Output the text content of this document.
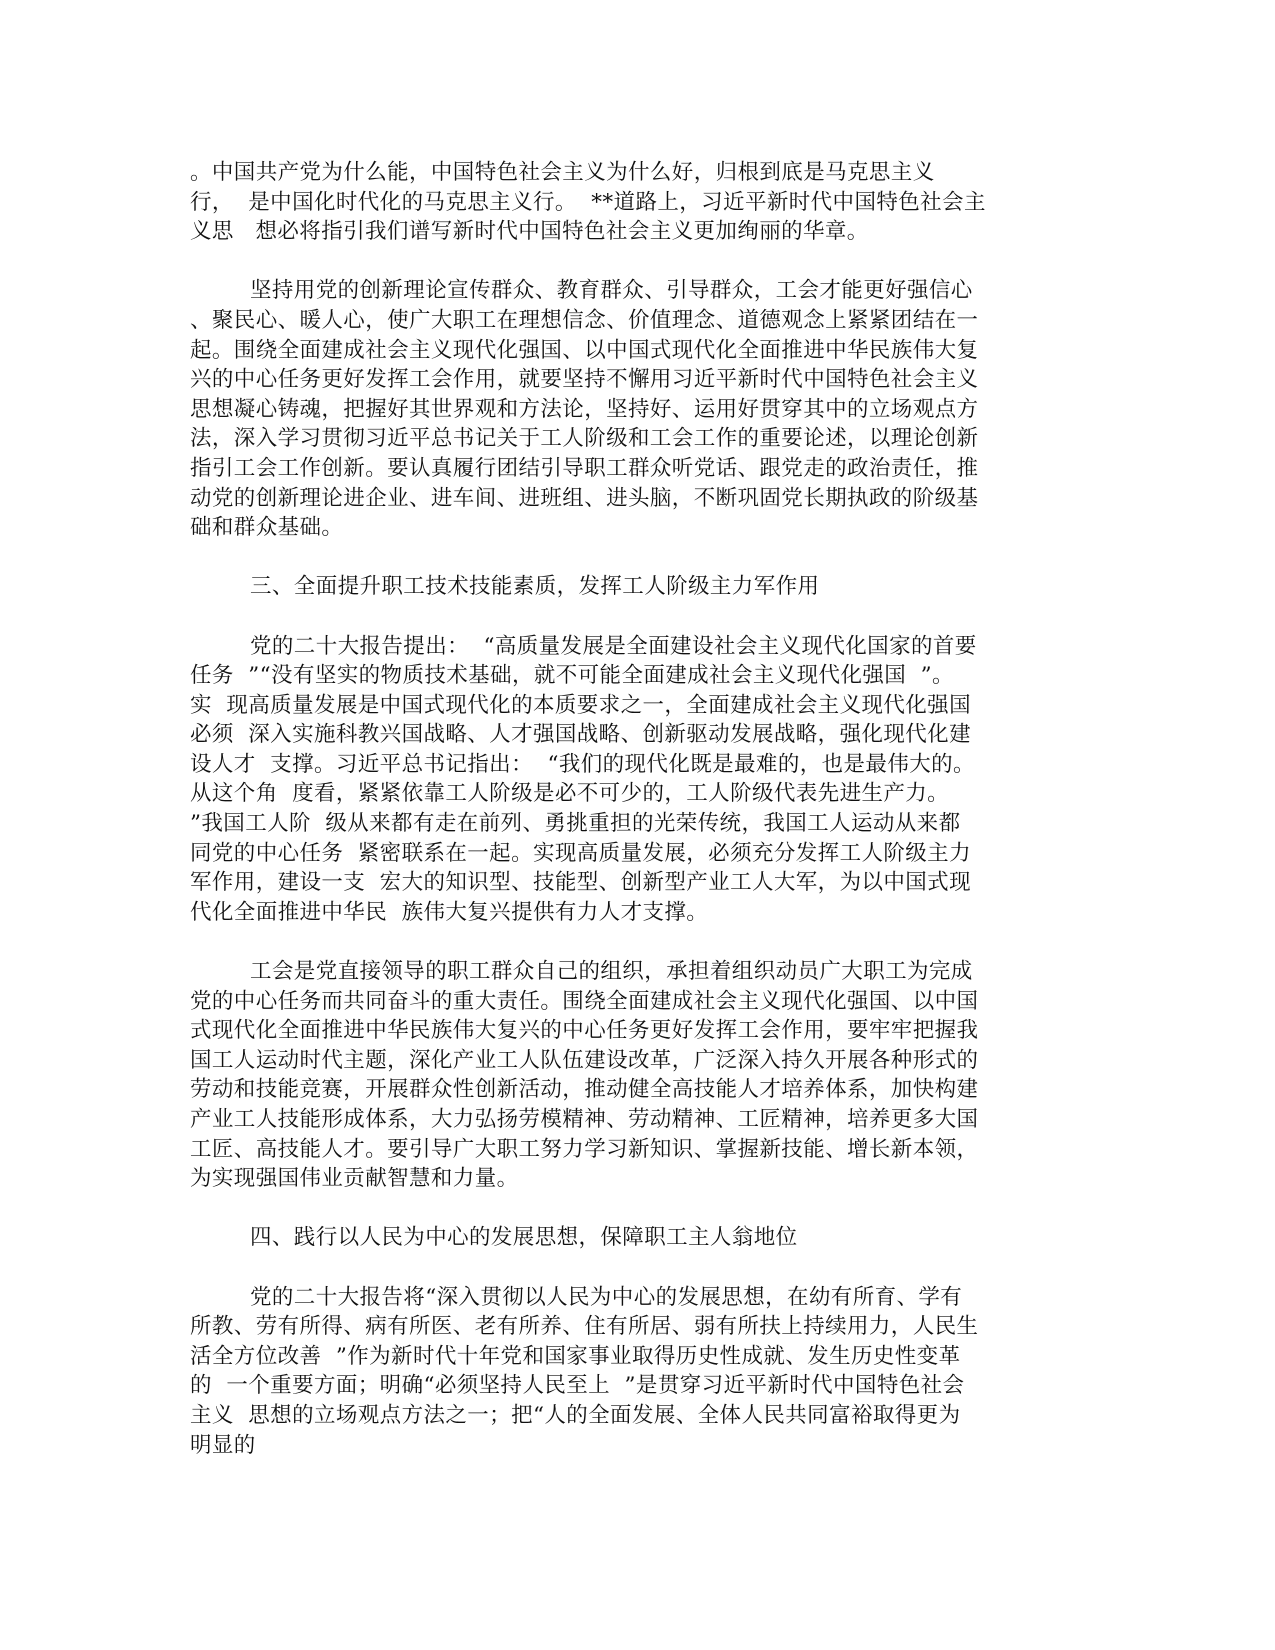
。中国共产党为什么能，中国特色社会主义为什么好，归根到底是马克思主义
行，  是中国化时代化的马克思主义行。  **道路上，习近平新时代中国特色社会主
义思   想必将指引我们谱写新时代中国特色社会主义更加绚丽的华章。
坚持用党的创新理论宣传群众、教育群众、引导群众，工会才能更好强信心
、聚民心、暖人心，使广大职工在理想信念、价值理念、道德观念上紧紧团结在一
起。围绕全面建成社会主义现代化强国、以中国式现代化全面推进中华民族伟大复
兴的中心任务更好发挥工会作用，就要坚持不懈用习近平新时代中国特色社会主义
思想凝心铸魂，把握好其世界观和方法论，坚持好、运用好贯穿其中的立场观点方
法，深入学习贯彻习近平总书记关于工人阶级和工会工作的重要论述，以理论创新
指引工会工作创新。要认真履行团结引导职工群众听党话、跟党走的政治责任，推
动党的创新理论进企业、进车间、进班组、进头脑，不断巩固党长期执政的阶级基
础和群众基础。
三、全面提升职工技术技能素质，发挥工人阶级主力军作用
党的二十大报告提出：  “高质量发展是全面建设社会主义现代化国家的首要
任务  ”“没有坚实的物质技术基础，就不可能全面建成社会主义现代化强国  ”。
实  现高质量发展是中国式现代化的本质要求之一，全面建成社会主义现代化强国
必须  深入实施科教兴国战略、人才强国战略、创新驱动发展战略，强化现代化建
设人才  支撑。习近平总书记指出：  “我们的现代化既是最难的，也是最伟大的。
从这个角  度看，紧紧依靠工人阶级是必不可少的，工人阶级代表先进生产力。
”我国工人阶  级从来都有走在前列、勇挑重担的光荣传统，我国工人运动从来都
同党的中心任务  紧密联系在一起。实现高质量发展，必须充分发挥工人阶级主力
军作用，建设一支  宏大的知识型、技能型、创新型产业工人大军，为以中国式现
代化全面推进中华民  族伟大复兴提供有力人才支撑。
工会是党直接领导的职工群众自己的组织，承担着组织动员广大职工为完成
党的中心任务而共同奋斗的重大责任。围绕全面建成社会主义现代化强国、以中国
式现代化全面推进中华民族伟大复兴的中心任务更好发挥工会作用，要牢牢把握我
国工人运动时代主题，深化产业工人队伍建设改革，广泛深入持久开展各种形式的
劳动和技能竞赛，开展群众性创新活动，推动健全高技能人才培养体系，加快构建
产业工人技能形成体系，大力弘扬劳模精神、劳动精神、工匠精神，培养更多大国
工匠、高技能人才。要引导广大职工努力学习新知识、掌握新技能、增长新本领，
为实现强国伟业贡献智慧和力量。
四、践行以人民为中心的发展思想，保障职工主人翁地位
党的二十大报告将“深入贯彻以人民为中心的发展思想，在幼有所育、学有
所教、劳有所得、病有所医、老有所养、住有所居、弱有所扶上持续用力，人民生
活全方位改善  ”作为新时代十年党和国家事业取得历史性成就、发生历史性变革
的  一个重要方面；明确“必须坚持人民至上  ”是贯穿习近平新时代中国特色社会
主义  思想的立场观点方法之一；把“人的全面发展、全体人民共同富裕取得更为
明显的
